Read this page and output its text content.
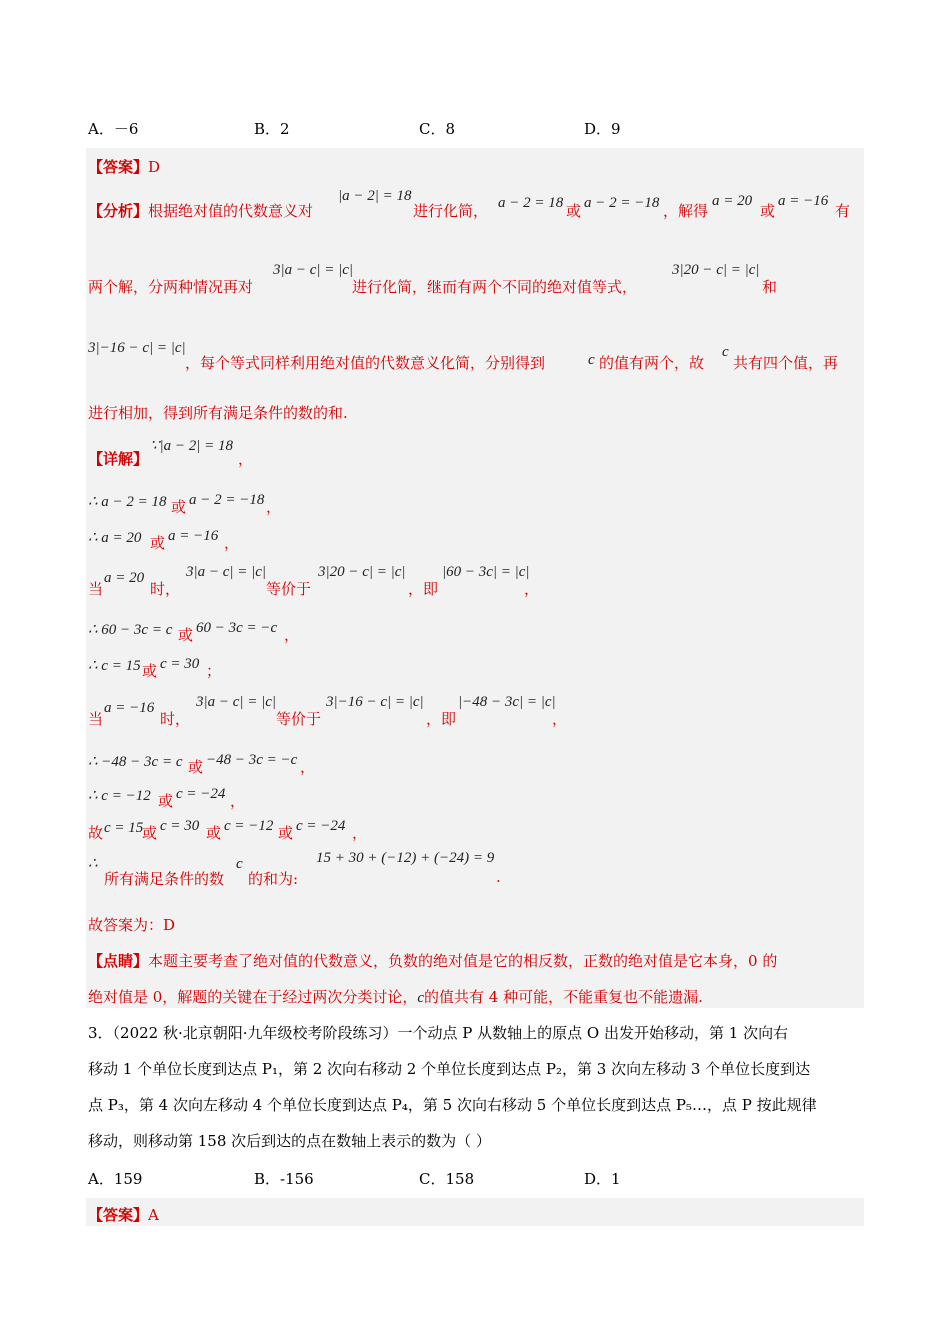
A．－6	B．2	C．8	D．9
【答案】D
【分析】根据绝对值的代数意义对
|a − 2| = 18
进行化简， a − 2 = 18 或 a − 2 = −18 ，解得
a = 20
或
a = −16
有
两个解，分两种情况再对
3|a − c| = |c|
进行化简，继而有两个不同的绝对值等式，
3|20 − c| = |c|
和
3|−16 − c| = |c|
，每个等式同样利用绝对值的代数意义化简，分别得到	c 的值有两个，故
c
共有四个值，再
进行相加，得到所有满足条件的数的和.
【详解】
∵|a − 2| = 18
，
∴ a − 2 = 18 或 a − 2 = −18 ，
∴ a = 20 或 a = −16 ，
当
a = 20
时，
3|a − c| = |c|
等价于
3|20 − c| = |c|
，即
|60 − 3c| = |c|
，
∴ 60 − 3c = c 或 60 − 3c = −c ，
∴ c = 15 或 c = 30 ；
当
a = −16
时，
3|a − c| = |c|
等价于
3|−16 − c| = |c|
，即
|−48 − 3c| = |c|
，
∴ −48 − 3c = c 或 −48 − 3c = −c ，
∴ c = −12 或 c = −24 ，
故 c = 15
或 c = 30 或 c = −12 或 c = −24 ，
∴
所有满足条件的数
c
的和为:
15 + 30 + (−12) + (−24) = 9
.
故答案为：D
【点睛】本题主要考查了绝对值的代数意义，负数的绝对值是它的相反数，正数的绝对值是它本身，0 的
绝对值是 0，解题的关键在于经过两次分类讨论，c的值共有 4 种可能，不能重复也不能遗漏.
3．（2022 秋·北京朝阳·九年级校考阶段练习）一个动点 P 从数轴上的原点 O 出发开始移动，第 1 次向右
移动 1 个单位长度到达点 P₁，第 2 次向右移动 2 个单位长度到达点 P₂，第 3 次向左移动 3 个单位长度到达
点 P₃，第 4 次向左移动 4 个单位长度到达点 P₄，第 5 次向右移动 5 个单位长度到达点 P₅…，点 P 按此规律
移动，则移动第 158 次后到达的点在数轴上表示的数为（ ）
A．159	B．-156	C．158	D．1
【答案】A
